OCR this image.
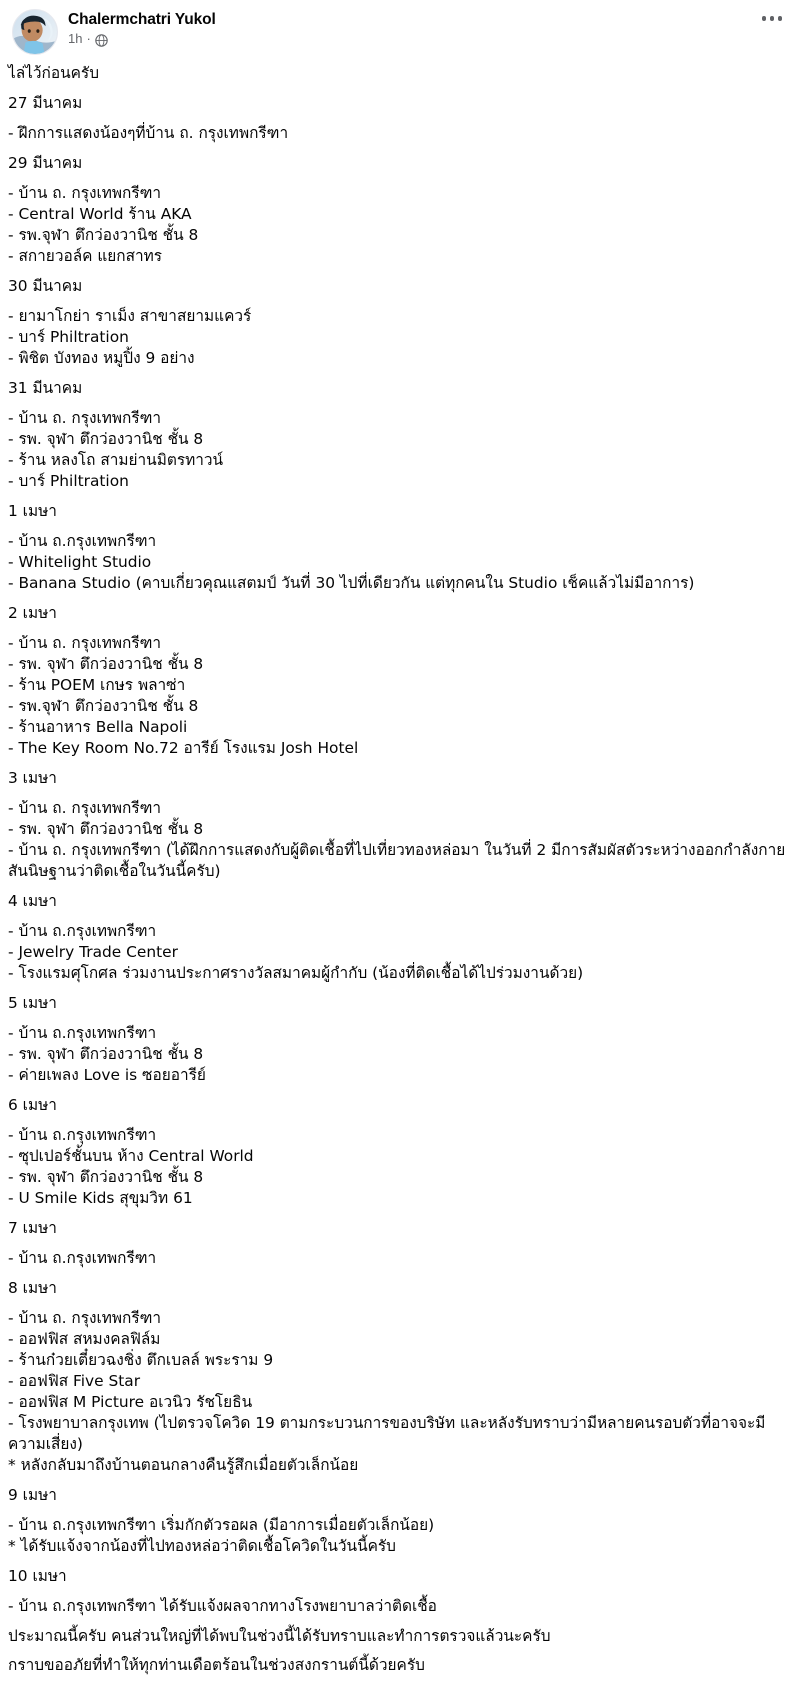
Chalermchatri Yukol
1h ·
ไล่ไว้ก่อนครับ
27 มีนาคม
- ฝึกการแสดงน้องๆที่บ้าน ถ. กรุงเทพกรีฑา
29 มีนาคม
- บ้าน ถ. กรุงเทพกรีฑา
- Central World ร้าน AKA
- รพ.จุฬา ตึกว่องวานิช ชั้น 8
- สกายวอล์ค แยกสาทร
30 มีนาคม
- ยามาโกย่า ราเม็ง สาขาสยามแควร์
- บาร์ Philtration
- พิชิต บังทอง หมูปิ้ง 9 อย่าง
31 มีนาคม
- บ้าน ถ. กรุงเทพกรีฑา
- รพ. จุฬา ตึกว่องวานิช ชั้น 8
- ร้าน หลงโถ สามย่านมิตรทาวน์
- บาร์ Philtration
1 เมษา
- บ้าน ถ.กรุงเทพกรีฑา
- Whitelight Studio
- Banana Studio (คาบเกี่ยวคุณแสตมป์ วันที่ 30 ไปที่เดียวกัน แต่ทุกคนใน Studio เช็คแล้วไม่มีอาการ)
2 เมษา
- บ้าน ถ. กรุงเทพกรีฑา
- รพ. จุฬา ตึกว่องวานิช ชั้น 8
- ร้าน POEM เกษร พลาซ่า
- รพ.จุฬา ตึกว่องวานิช ชั้น 8
- ร้านอาหาร Bella Napoli
- The Key Room No.72 อารีย์ โรงแรม Josh Hotel
3 เมษา
- บ้าน ถ. กรุงเทพกรีฑา
- รพ. จุฬา ตึกว่องวานิช ชั้น 8
- บ้าน ถ. กรุงเทพกรีฑา (ได้ฝึกการแสดงกับผู้ติดเชื้อที่ไปเที่ยวทองหล่อมา ในวันที่ 2 มีการสัมผัสตัวระหว่างออกกำลังกาย สันนิษฐานว่าติดเชื้อในวันนี้ครับ)
4 เมษา
- บ้าน ถ.กรุงเทพกรีฑา
- Jewelry Trade Center
- โรงแรมศุโกศล ร่วมงานประกาศรางวัลสมาคมผู้กำกับ (น้องที่ติดเชื้อได้ไปร่วมงานด้วย)
5 เมษา
- บ้าน ถ.กรุงเทพกรีฑา
- รพ. จุฬา ตึกว่องวานิช ชั้น 8
- ค่ายเพลง Love is ซอยอารีย์
6 เมษา
- บ้าน ถ.กรุงเทพกรีฑา
- ซุปเปอร์ชั้นบน ห้าง Central World
- รพ. จุฬา ตึกว่องวานิช ชั้น 8
- U Smile Kids สุขุมวิท 61
7 เมษา
- บ้าน ถ.กรุงเทพกรีฑา
8 เมษา
- บ้าน ถ. กรุงเทพกรีฑา
- ออฟฟิส สหมงคลฟิล์ม
- ร้านก๋วยเตี๋ยวฉงชิ่ง ตึกเบลล์ พระราม 9
- ออฟฟิส Five Star
- ออฟฟิส M Picture อเวนิว รัชโยธิน
- โรงพยาบาลกรุงเทพ (ไปตรวจโควิด 19 ตามกระบวนการของบริษัท และหลังรับทราบว่ามีหลายคนรอบตัวที่อาจจะมีความเสี่ยง)
* หลังกลับมาถึงบ้านตอนกลางคืนรู้สึกเมื่อยตัวเล็กน้อย
9 เมษา
- บ้าน ถ.กรุงเทพกรีฑา เริ่มกักตัวรอผล (มีอาการเมื่อยตัวเล็กน้อย)
* ได้รับแจ้งจากน้องที่ไปทองหล่อว่าติดเชื้อโควิดในวันนี้ครับ
10 เมษา
- บ้าน ถ.กรุงเทพกรีฑา ได้รับแจ้งผลจากทางโรงพยาบาลว่าติดเชื้อ
ประมาณนี้ครับ คนส่วนใหญ่ที่ได้พบในช่วงนี้ได้รับทราบและทำการตรวจแล้วนะครับ
กราบขออภัยที่ทำให้ทุกท่านเดือตร้อนในช่วงสงกรานต์นี้ด้วยครับ
